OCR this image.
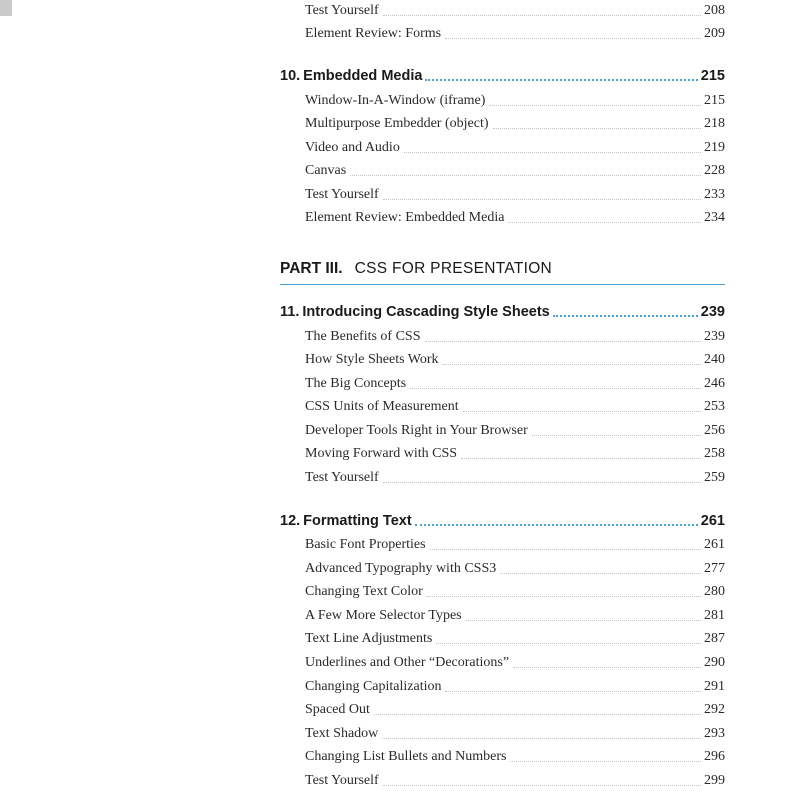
Test Yourself	208
Element Review: Forms	209
10. Embedded Media	215
Window-In-A-Window (iframe)	215
Multipurpose Embedder (object)	218
Video and Audio	219
Canvas	228
Test Yourself	233
Element Review: Embedded Media	234
PART III. CSS FOR PRESENTATION
11. Introducing Cascading Style Sheets	239
The Benefits of CSS	239
How Style Sheets Work	240
The Big Concepts	246
CSS Units of Measurement	253
Developer Tools Right in Your Browser	256
Moving Forward with CSS	258
Test Yourself	259
12. Formatting Text	261
Basic Font Properties	261
Advanced Typography with CSS3	277
Changing Text Color	280
A Few More Selector Types	281
Text Line Adjustments	287
Underlines and Other “Decorations”	290
Changing Capitalization	291
Spaced Out	292
Text Shadow	293
Changing List Bullets and Numbers	296
Test Yourself	299
